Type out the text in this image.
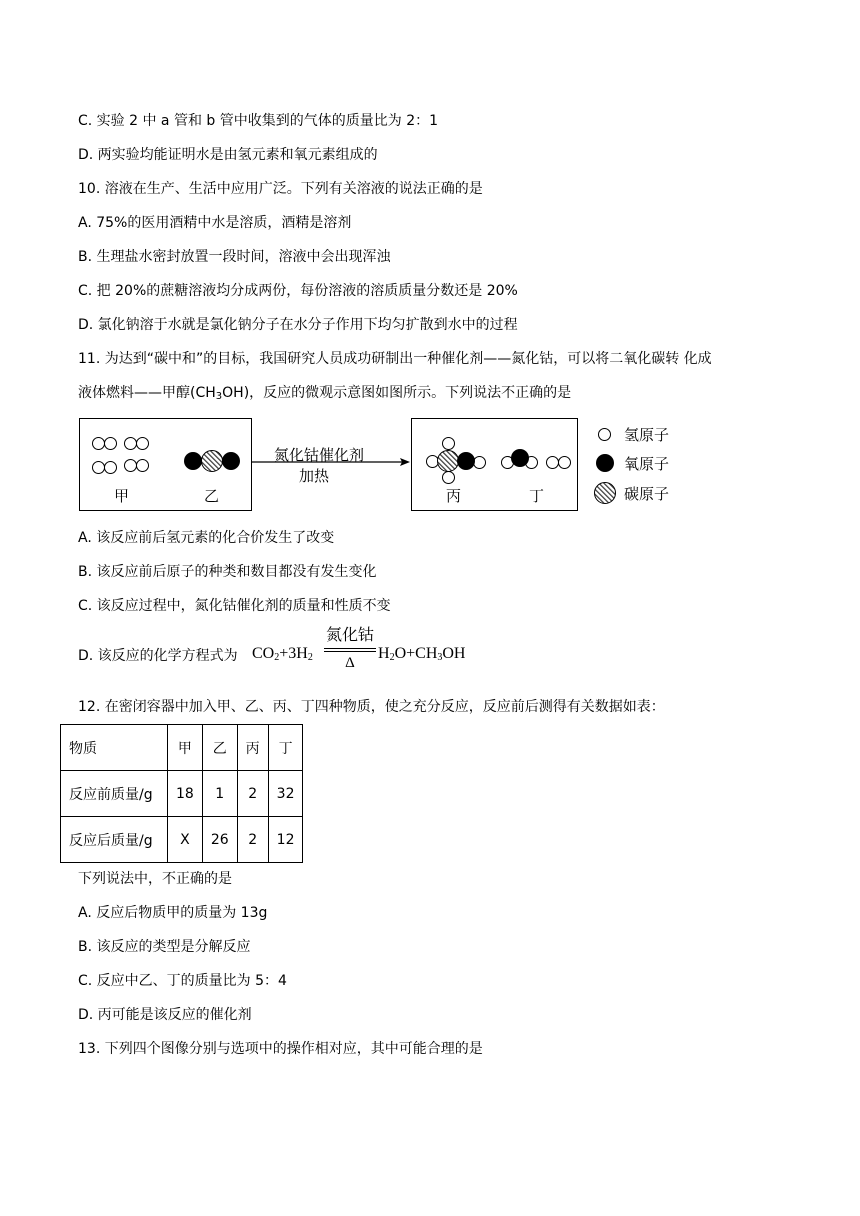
C. 实验 2 中 a 管和 b 管中收集到的气体的质量比为 2：1
D. 两实验均能证明水是由氢元素和氧元素组成的
10. 溶液在生产、生活中应用广泛。下列有关溶液的说法正确的是
A. 75%的医用酒精中水是溶质，酒精是溶剂
B. 生理盐水密封放置一段时间，溶液中会出现浑浊
C. 把 20%的蔗糖溶液均分成两份，每份溶液的溶质质量分数还是 20%
D. 氯化钠溶于水就是氯化钠分子在水分子作用下均匀扩散到水中的过程
11. 为达到“碳中和”的目标，我国研究人员成功研制出一种催化剂——氮化钴，可以将二氧化碳转 化成
液体燃料——甲醇$(CH_3OH)$，反应的微观示意图如图所示。下列说法不正确的是
甲	乙
氮化钴催化剂
加热
丙	丁
氢原子
氧原子
碳原子
A. 该反应前后氢元素的化合价发生了改变
B. 该反应前后原子的种类和数目都没有发生变化
C. 该反应过程中，氮化钴催化剂的质量和性质不变
D. 该反应的化学方程式为 $CO_2+3H_2$
氮化钴
Δ
$H_2O+CH_3OH$
12. 在密闭容器中加入甲、乙、丙、丁四种物质，使之充分反应，反应前后测得有关数据如表：
物质	甲	乙	丙	丁
反应前质量/g	18	1	2	32
反应后质量/g	X	26	2	12
下列说法中，不正确的是
A. 反应后物质甲的质量为 13g
B. 该反应的类型是分解反应
C. 反应中乙、丁的质量比为 5：4
D. 丙可能是该反应的催化剂
13. 下列四个图像分别与选项中的操作相对应，其中可能合理的是
